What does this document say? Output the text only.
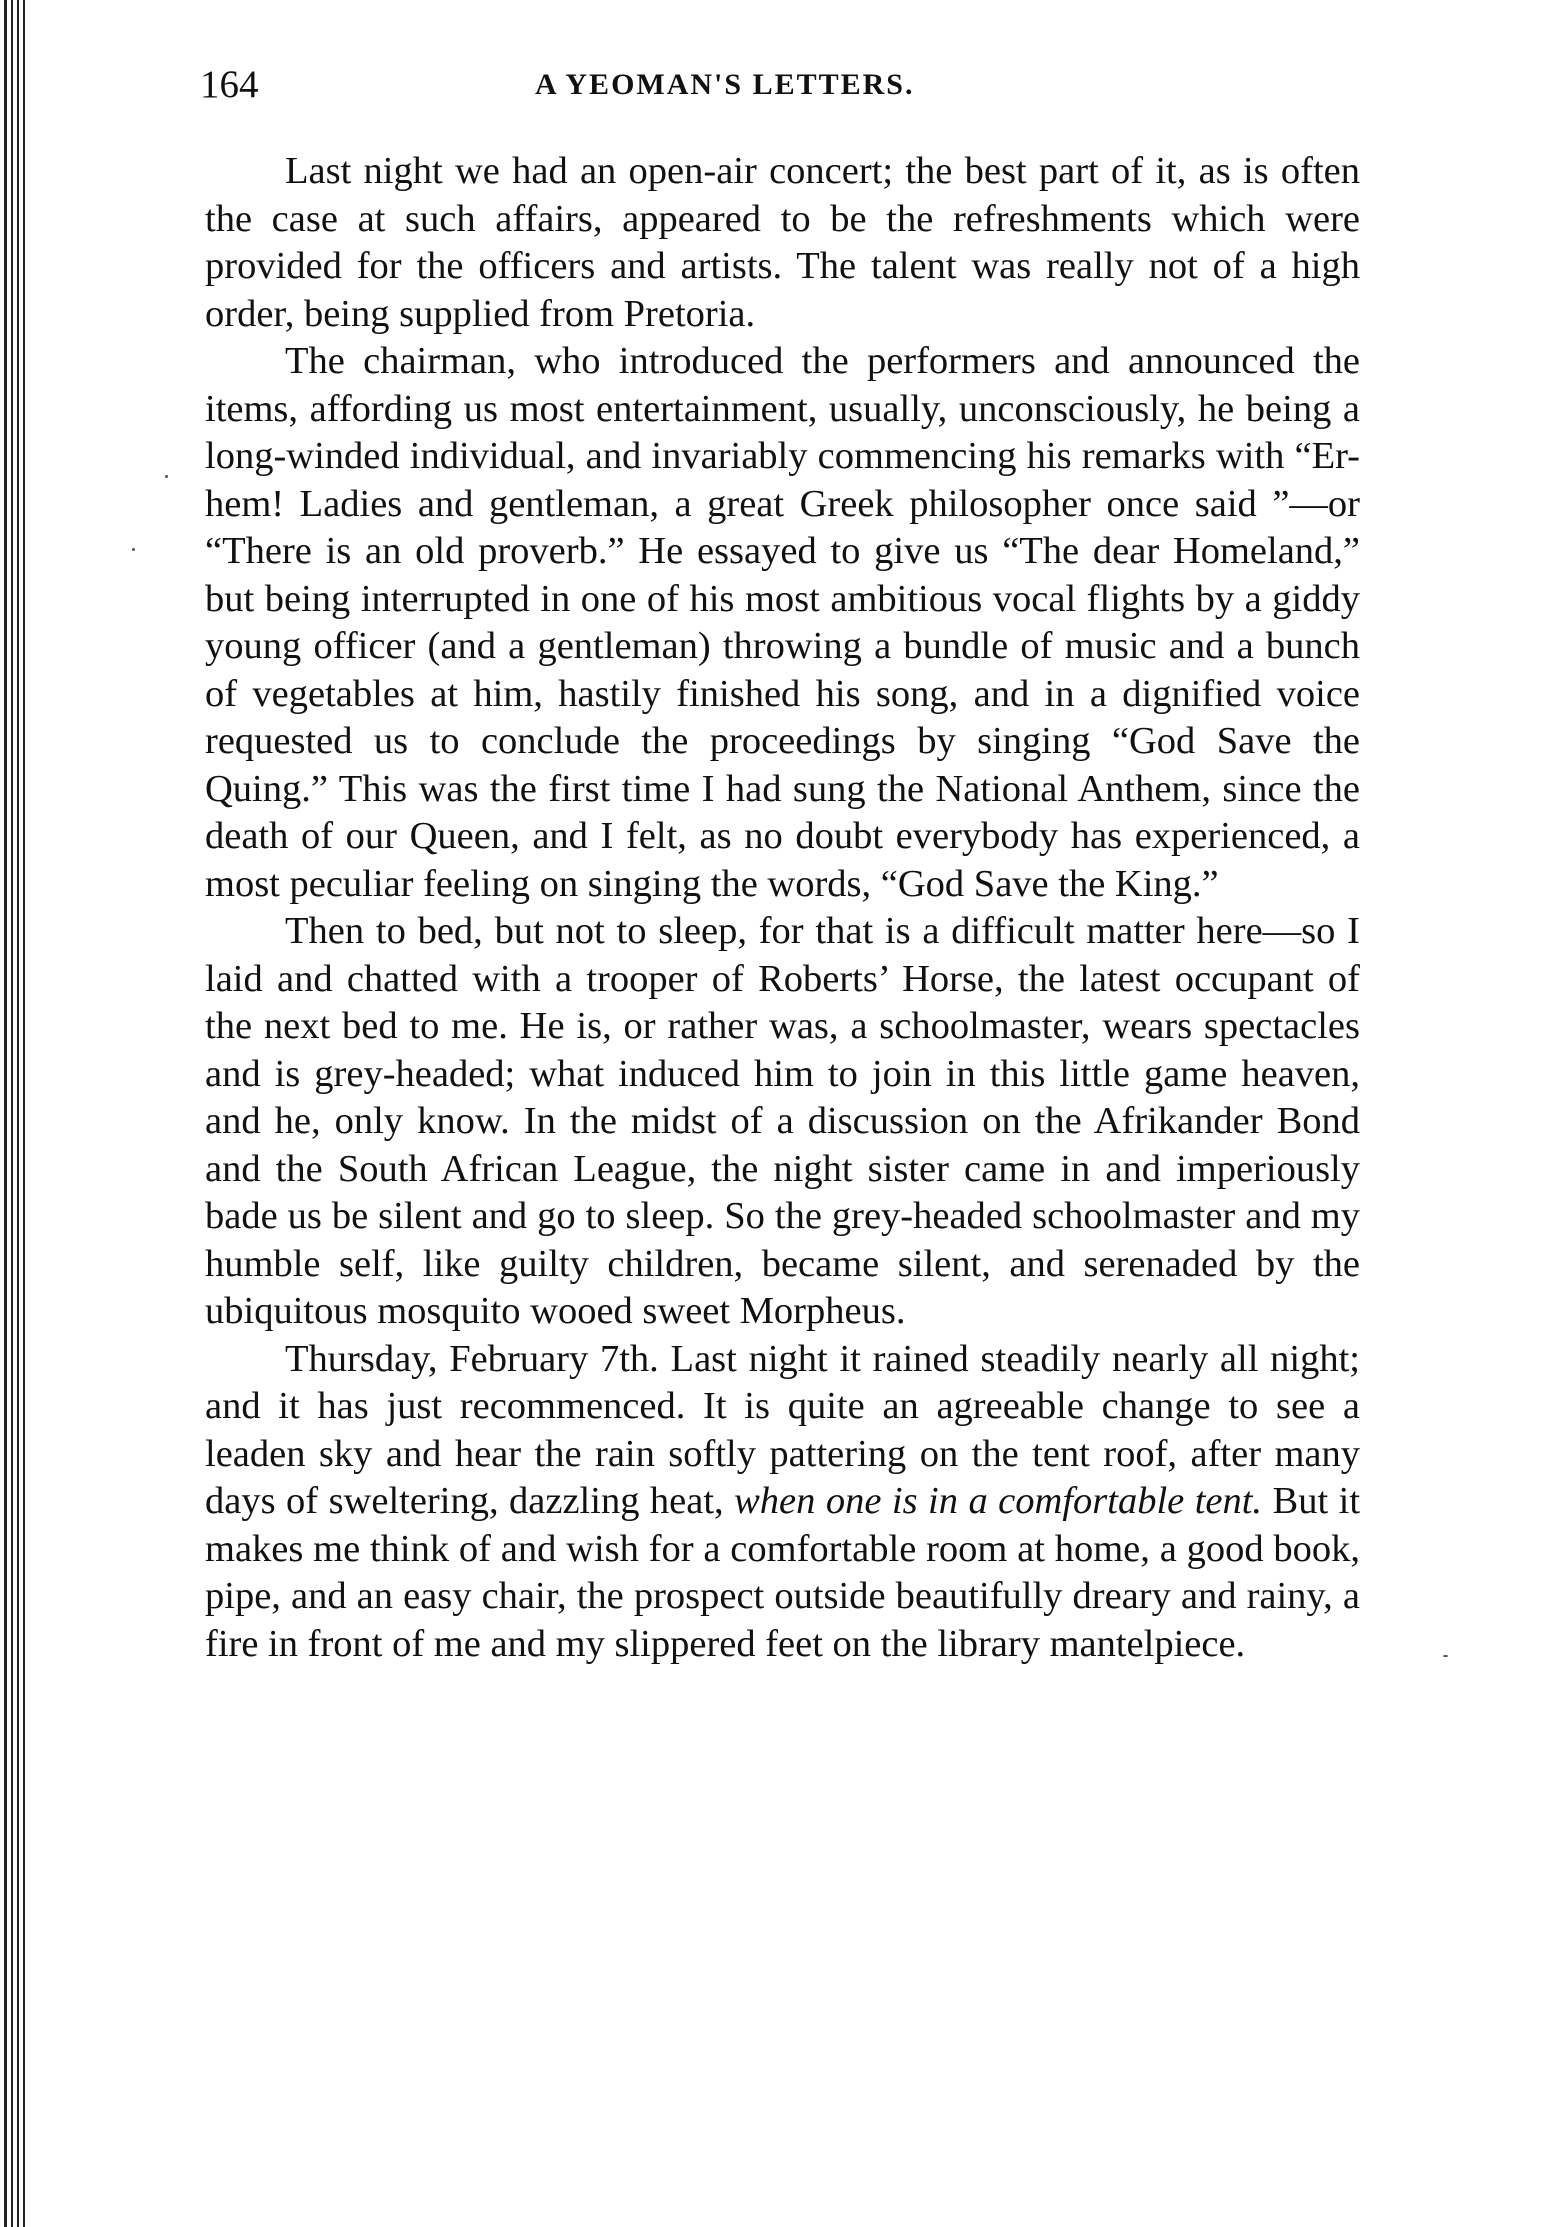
164	A YEOMAN'S LETTERS.

Last night we had an open-air concert; the best part of it, as is often the case at such affairs, appeared to be the refreshments which were provided for the officers and artists. The talent was really not of a high order, being supplied from Pretoria.

The chairman, who introduced the performers and announced the items, affording us most entertainment, usually, unconsciously, he being a long-winded individual, and invariably commencing his remarks with “Er-hem! Ladies and gentleman, a great Greek philosopher once said ”—or “There is an old proverb.” He essayed to give us “The dear Homeland,” but being interrupted in one of his most ambitious vocal flights by a giddy young officer (and a gentleman) throwing a bundle of music and a bunch of vegetables at him, hastily finished his song, and in a dignified voice requested us to conclude the proceedings by singing “God Save the Quing.” This was the first time I had sung the National Anthem, since the death of our Queen, and I felt, as no doubt everybody has experienced, a most peculiar feeling on singing the words, “God Save the King.”

Then to bed, but not to sleep, for that is a difficult matter here—so I laid and chatted with a trooper of Roberts’ Horse, the latest occupant of the next bed to me. He is, or rather was, a schoolmaster, wears spectacles and is grey-headed; what induced him to join in this little game heaven, and he, only know. In the midst of a discussion on the Afrikander Bond and the South African League, the night sister came in and imperiously bade us be silent and go to sleep. So the grey-headed schoolmaster and my humble self, like guilty children, became silent, and serenaded by the ubiquitous mosquito wooed sweet Morpheus.

Thursday, February 7th. Last night it rained steadily nearly all night; and it has just recommenced. It is quite an agreeable change to see a leaden sky and hear the rain softly pattering on the tent roof, after many days of sweltering, dazzling heat, when one is in a comfortable tent. But it makes me think of and wish for a comfortable room at home, a good book, pipe, and an easy chair, the prospect outside beautifully dreary and rainy, a fire in front of me and my slippered feet on the library mantelpiece.
